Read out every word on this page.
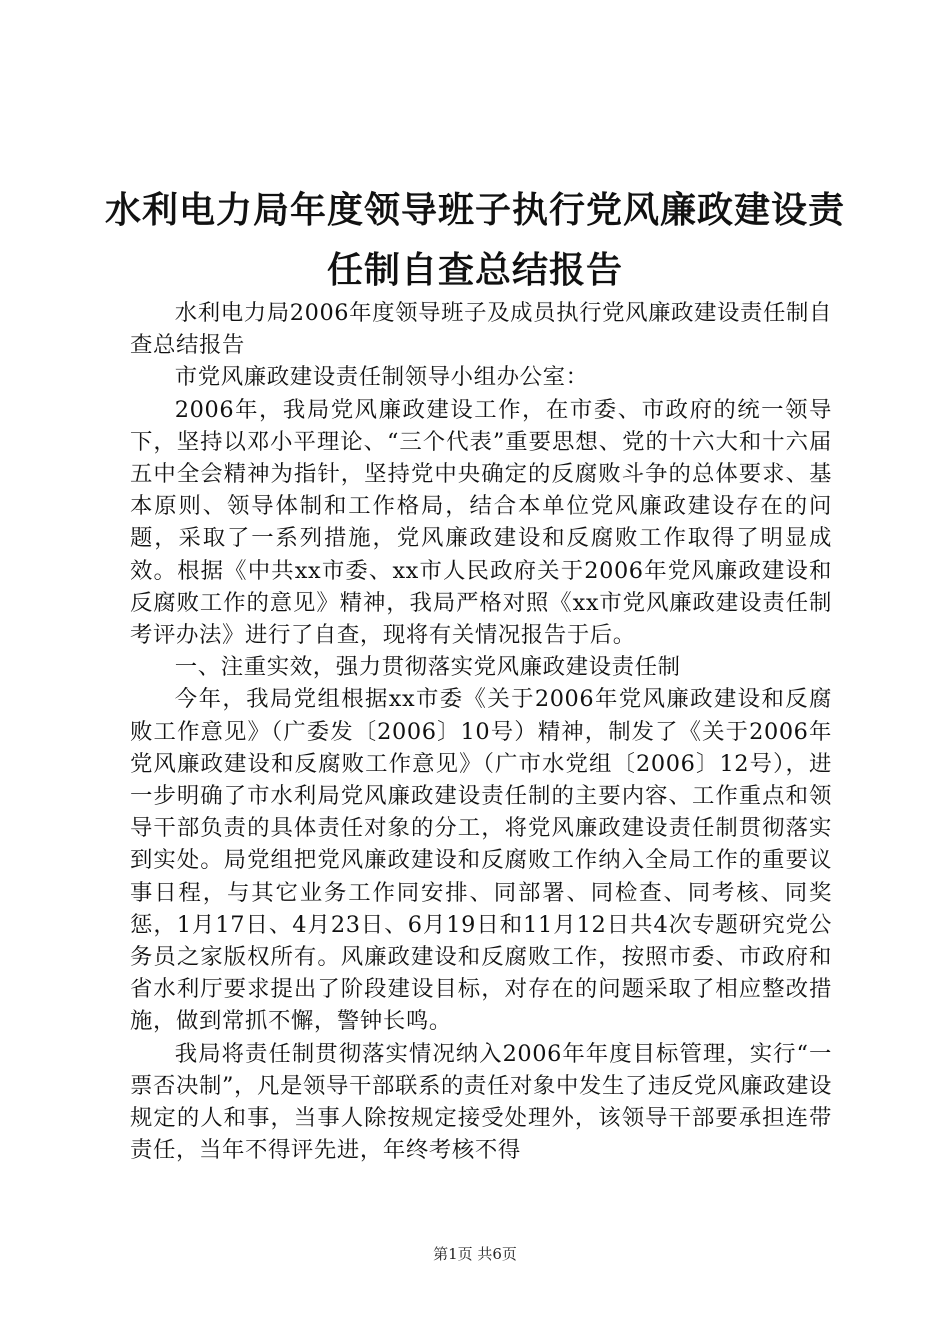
水利电力局年度领导班子执行党风廉政建设责
任制自查总结报告

水利电力局2006年度领导班子及成员执行党风廉政建设责任制自查总结报告

市党风廉政建设责任制领导小组办公室：

2006年，我局党风廉政建设工作，在市委、市政府的统一领导下，坚持以邓小平理论、“三个代表”重要思想、党的十六大和十六届五中全会精神为指针，坚持党中央确定的反腐败斗争的总体要求、基本原则、领导体制和工作格局，结合本单位党风廉政建设存在的问题，采取了一系列措施，党风廉政建设和反腐败工作取得了明显成效。根据《中共xx市委、xx市人民政府关于2006年党风廉政建设和反腐败工作的意见》精神，我局严格对照《xx市党风廉政建设责任制考评办法》进行了自查，现将有关情况报告于后。

一、注重实效，强力贯彻落实党风廉政建设责任制

今年，我局党组根据xx市委《关于2006年党风廉政建设和反腐败工作意见》（广委发〔2006〕10号）精神，制发了《关于2006年党风廉政建设和反腐败工作意见》（广市水党组〔2006〕12号），进一步明确了市水利局党风廉政建设责任制的主要内容、工作重点和领导干部负责的具体责任对象的分工，将党风廉政建设责任制贯彻落实到实处。局党组把党风廉政建设和反腐败工作纳入全局工作的重要议事日程，与其它业务工作同安排、同部署、同检查、同考核、同奖惩，1月17日、4月23日、6月19日和11月12日共4次专题研究党公务员之家版权所有。风廉政建设和反腐败工作，按照市委、市政府和省水利厅要求提出了阶段建设目标，对存在的问题采取了相应整改措施，做到常抓不懈，警钟长鸣。

我局将责任制贯彻落实情况纳入2006年年度目标管理，实行“一票否决制”，凡是领导干部联系的责任对象中发生了违反党风廉政建设规定的人和事，当事人除按规定接受处理外，该领导干部要承担连带责任，当年不得评先进，年终考核不得

第1页 共6页
